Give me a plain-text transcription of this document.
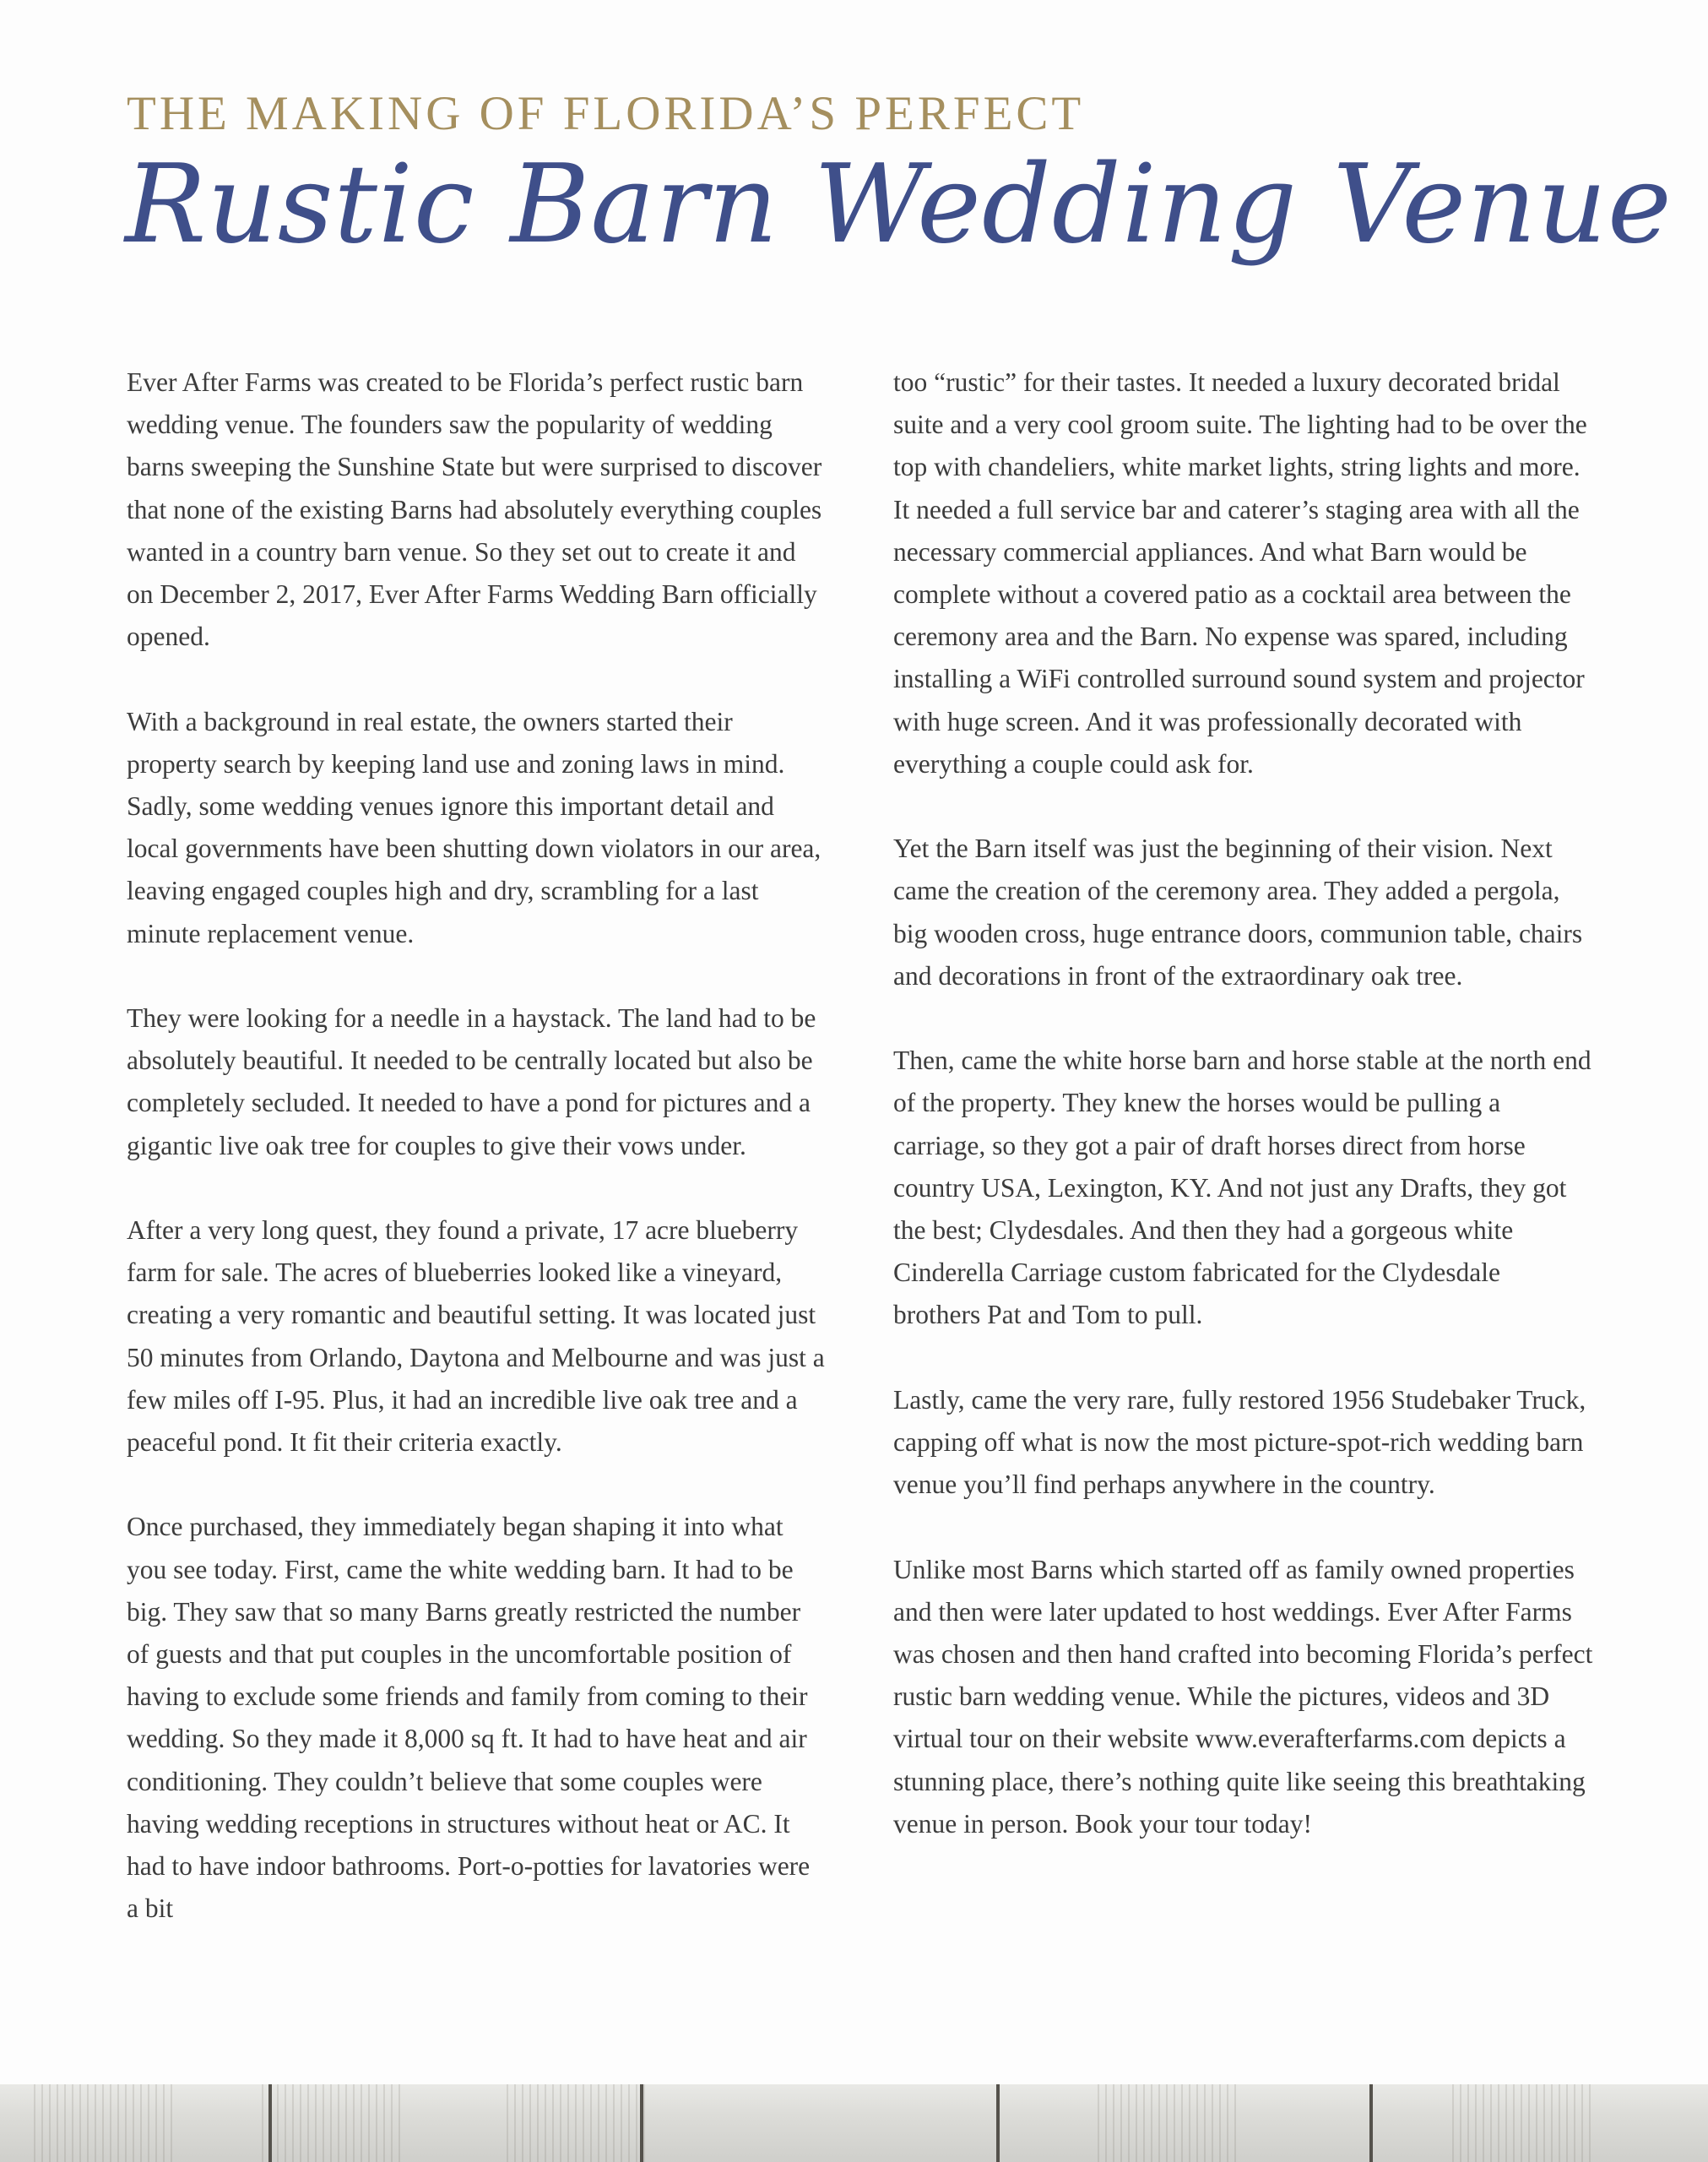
THE MAKING OF FLORIDA’S PERFECT
Rustic Barn Wedding Venue

Ever After Farms was created to be Florida’s perfect rustic barn wedding venue. The founders saw the popularity of wedding barns sweeping the Sunshine State but were surprised to discover that none of the existing Barns had absolutely everything couples wanted in a country barn venue. So they set out to create it and on December 2, 2017, Ever After Farms Wedding Barn officially opened.

With a background in real estate, the owners started their property search by keeping land use and zoning laws in mind. Sadly, some wedding venues ignore this important detail and local governments have been shutting down violators in our area, leaving engaged couples high and dry, scrambling for a last minute replacement venue.

They were looking for a needle in a haystack. The land had to be absolutely beautiful. It needed to be centrally located but also be completely secluded. It needed to have a pond for pictures and a gigantic live oak tree for couples to give their vows under.

After a very long quest, they found a private, 17 acre blueberry farm for sale. The acres of blueberries looked like a vineyard, creating a very romantic and beautiful setting. It was located just 50 minutes from Orlando, Daytona and Melbourne and was just a few miles off I-95. Plus, it had an incredible live oak tree and a peaceful pond. It fit their criteria exactly.

Once purchased, they immediately began shaping it into what you see today. First, came the white wedding barn. It had to be big. They saw that so many Barns greatly restricted the number of guests and that put couples in the uncomfortable position of having to exclude some friends and family from coming to their wedding. So they made it 8,000 sq ft. It had to have heat and air conditioning. They couldn’t believe that some couples were having wedding receptions in structures without heat or AC. It had to have indoor bathrooms. Port-o-potties for lavatories were a bit

too “rustic” for their tastes. It needed a luxury decorated bridal suite and a very cool groom suite. The lighting had to be over the top with chandeliers, white market lights, string lights and more. It needed a full service bar and caterer’s staging area with all the necessary commercial appliances. And what Barn would be complete without a covered patio as a cocktail area between the ceremony area and the Barn. No expense was spared, including installing a WiFi controlled surround sound system and projector with huge screen. And it was professionally decorated with everything a couple could ask for.

Yet the Barn itself was just the beginning of their vision. Next came the creation of the ceremony area. They added a pergola, big wooden cross, huge entrance doors, communion table, chairs and decorations in front of the extraordinary oak tree.

Then, came the white horse barn and horse stable at the north end of the property. They knew the horses would be pulling a carriage, so they got a pair of draft horses direct from horse country USA, Lexington, KY. And not just any Drafts, they got the best; Clydesdales. And then they had a gorgeous white Cinderella Carriage custom fabricated for the Clydesdale brothers Pat and Tom to pull.

Lastly, came the very rare, fully restored 1956 Studebaker Truck, capping off what is now the most picture-spot-rich wedding barn venue you’ll find perhaps anywhere in the country.

Unlike most Barns which started off as family owned properties and then were later updated to host weddings. Ever After Farms was chosen and then hand crafted into becoming Florida’s perfect rustic barn wedding venue. While the pictures, videos and 3D virtual tour on their website www.everafterfarms.com depicts a stunning place, there’s nothing quite like seeing this breathtaking venue in person. Book your tour today!
